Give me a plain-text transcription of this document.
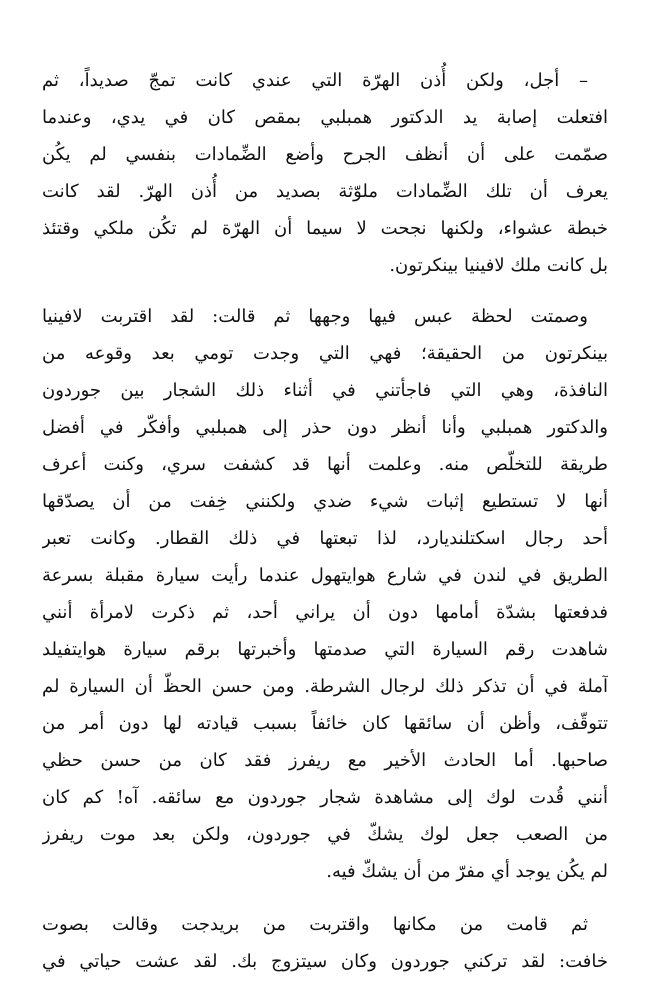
– أجل، ولكن أُذن الهرّة التي عندي كانت تمجّ صديداً، ثم
افتعلت إصابة يد الدكتور همبلبي بمقص كان في يدي، وعندما
صمّمت على أن أنظف الجرح وأضع الضِّمادات بنفسي لم يكُن
يعرف أن تلك الضِّمادات ملوّثة بصديد من أُذن الهرّ. لقد كانت
خبطة عشواء، ولكنها نجحت لا سيما أن الهرّة لم تكُن ملكي وقتئذ
بل كانت ملك لافينيا بينكرتون.
وصمتت لحظة عبس فيها وجهها ثم قالت: لقد اقتربت لافينيا
بينكرتون من الحقيقة؛ فهي التي وجدت تومي بعد وقوعه من
النافذة، وهي التي فاجأتني في أثناء ذلك الشجار بين جوردون
والدكتور همبلبي وأنا أنظر دون حذر إلى همبلبي وأفكّر في أفضل
طريقة للتخلّص منه. وعلمت أنها قد كشفت سري، وكنت أعرف
أنها لا تستطيع إثبات شيء ضدي ولكنني خِفت من أن يصدّقها
أحد رجال اسكتلنديارد، لذا تبعتها في ذلك القطار. وكانت تعبر
الطريق في لندن في شارع هوايتهول عندما رأيت سيارة مقبلة بسرعة
فدفعتها بشدّة أمامها دون أن يراني أحد، ثم ذكرت لامرأة أنني
شاهدت رقم السيارة التي صدمتها وأخبرتها برقم سيارة هوايتفيلد
آملة في أن تذكر ذلك لرجال الشرطة. ومن حسن الحظّ أن السيارة لم
تتوقّف، وأظن أن سائقها كان خائفاً بسبب قيادته لها دون أمر من
صاحبها. أما الحادث الأخير مع ريفرز فقد كان من حسن حظي
أنني قُدت لوك إلى مشاهدة شجار جوردون مع سائقه. آه! كم كان
من الصعب جعل لوك يشكّ في جوردون، ولكن بعد موت ريفرز
لم يكُن يوجد أي مفرّ من أن يشكّ فيه.
ثم قامت من مكانها واقتربت من بريدجت وقالت بصوت
خافت: لقد تركني جوردون وكان سيتزوج بك. لقد عشت حياتي في
